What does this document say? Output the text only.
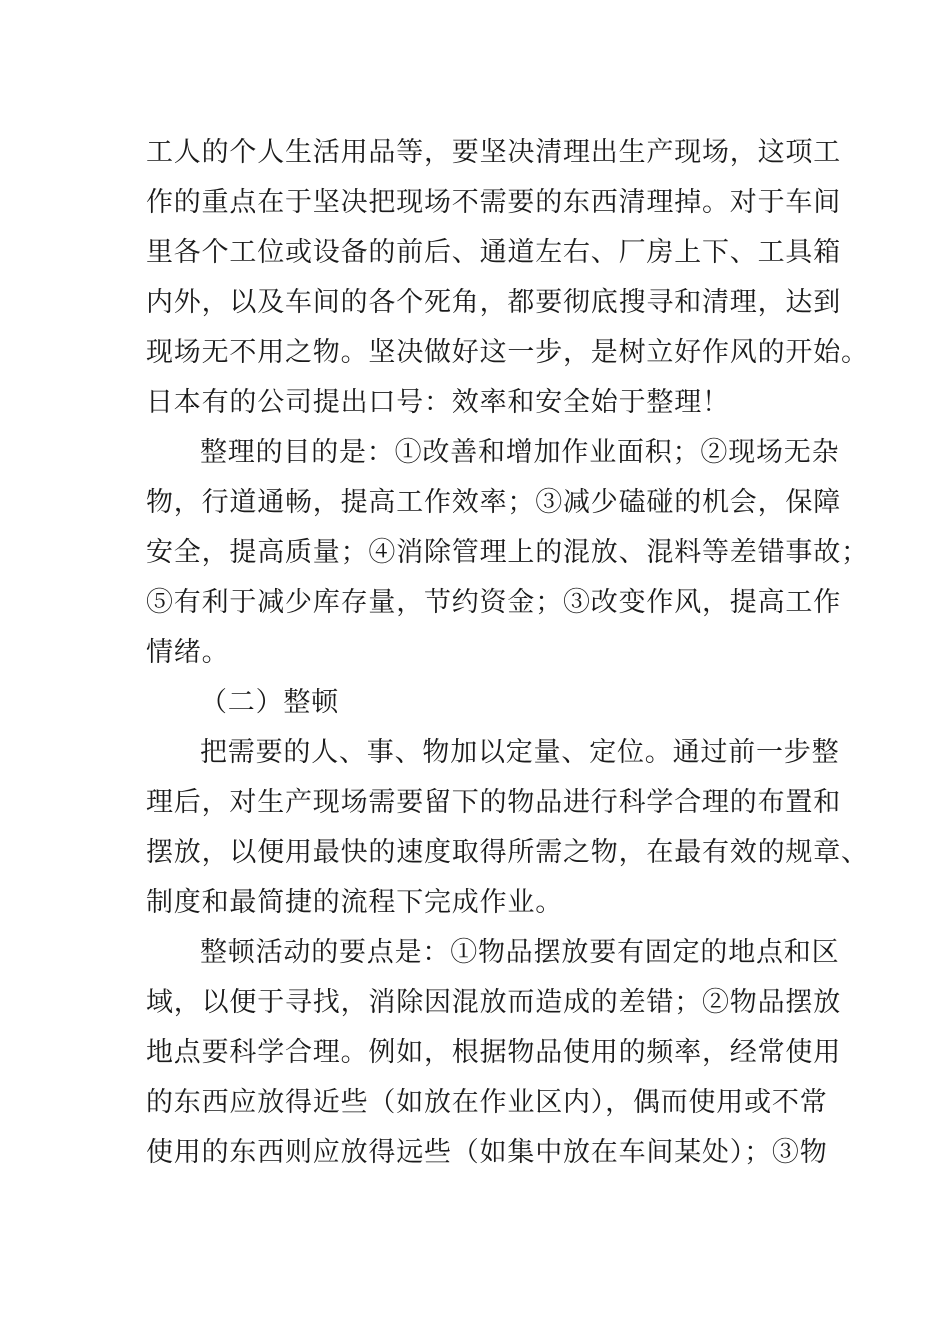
工人的个人生活用品等，要坚决清理出生产现场，这项工
作的重点在于坚决把现场不需要的东西清理掉。对于车间
里各个工位或设备的前后、通道左右、厂房上下、工具箱
内外，以及车间的各个死角，都要彻底搜寻和清理，达到
现场无不用之物。坚决做好这一步，是树立好作风的开始。
日本有的公司提出口号：效率和安全始于整理！
整理的目的是：①改善和增加作业面积；②现场无杂
物，行道通畅，提高工作效率；③减少磕碰的机会，保障
安全，提高质量；④消除管理上的混放、混料等差错事故；
⑤有利于减少库存量，节约资金；③改变作风，提高工作
情绪。
（二）整顿
把需要的人、事、物加以定量、定位。通过前一步整
理后，对生产现场需要留下的物品进行科学合理的布置和
摆放，以便用最快的速度取得所需之物，在最有效的规章、
制度和最简捷的流程下完成作业。
整顿活动的要点是：①物品摆放要有固定的地点和区
域，以便于寻找，消除因混放而造成的差错；②物品摆放
地点要科学合理。例如，根据物品使用的频率，经常使用
的东西应放得近些（如放在作业区内），偶而使用或不常
使用的东西则应放得远些（如集中放在车间某处）；③物
